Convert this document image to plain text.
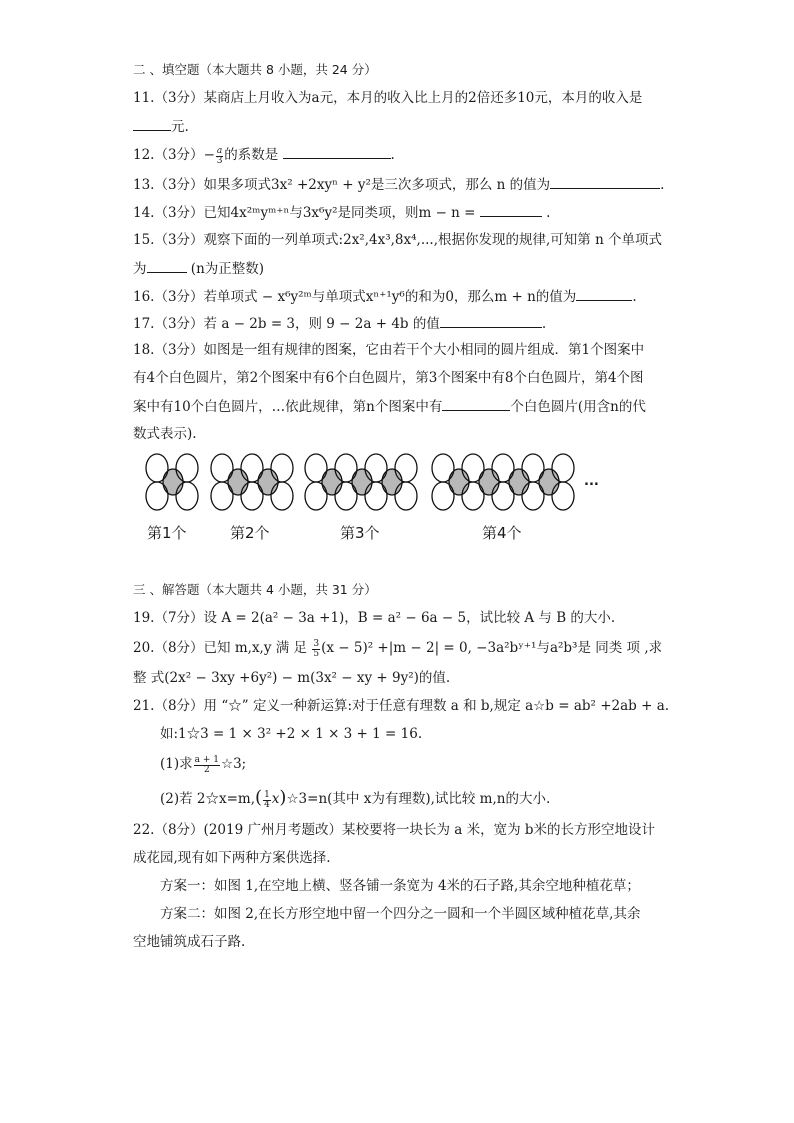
二 、填空题（本大题共 8 小题，共 24 分）
11.（3分）某商店上月收入为a元，本月的收入比上月的2倍还多10元，本月的收入是
元.
12.（3分）− $\frac{a}{3}$ 的系数是	.
13.（3分）如果多项式3x² +2xyⁿ + y²是三次多项式，那么 n 的值为	.
14.（3分）已知4x²ᵐyᵐ⁺ⁿ与3x⁶y²是同类项，则m − n =	.
15.（3分）观察下面的一列单项式:2x²,4x³,8x⁴,...,根据你发现的规律,可知第 n 个单项式
为	(n为正整数)
16.（3分）若单项式 − x⁶y²ᵐ与单项式xⁿ⁺¹y⁶的和为0，那么m + n的值为	.
17.（3分）若 a − 2b = 3，则 9 − 2a + 4b 的值	.
18.（3分）如图是一组有规律的图案，它由若干个大小相同的圆片组成．第1个图案中
有4个白色圆片，第2个图案中有6个白色圆片，第3个图案中有8个白色圆片，第4个图
案中有10个白色圆片，…依此规律，第n个图案中有	个白色圆片(用含n的代
数式表示).
第1个	第2个	第3个	第4个
...
三 、解答题（本大题共 4 小题，共 31 分）
19.（7分）设 A = 2(a² − 3a +1)，B = a² − 6a − 5，试比较 A 与 B 的大小.
20.（8分）已知 m,x,y 满 足 $\frac{3}{5} (x - 5)^2 +|m - 2| = 0$, −3a²bʸ⁺¹与a²b³是 同类 项 ,求
整 式(2x² − 3xy +6y²) − m(3x² − xy + 9y²)的值.
21.（8分）用 “☆” 定义一种新运算:对于任意有理数 a 和 b,规定 a☆b = ab² +2ab + a.
如:1☆3 = 1 × 3² +2 × 1 × 3 + 1 = 16.
(1)求 $\frac{a + 1}{2}$ ☆3;
(2)若 2☆x=m,( $\frac{1}{4}$ x)☆3=n(其中 x为有理数),试比较 m,n的大小.
22.（8分）(2019 广州月考题改）某校要将一块长为 a 米，宽为 b米的长方形空地设计
成花园,现有如下两种方案供选择.
方案一：如图 1,在空地上横、竖各铺一条宽为 4米的石子路,其余空地种植花草；
方案二：如图 2,在长方形空地中留一个四分之一圆和一个半圆区域种植花草,其余
空地铺筑成石子路.
